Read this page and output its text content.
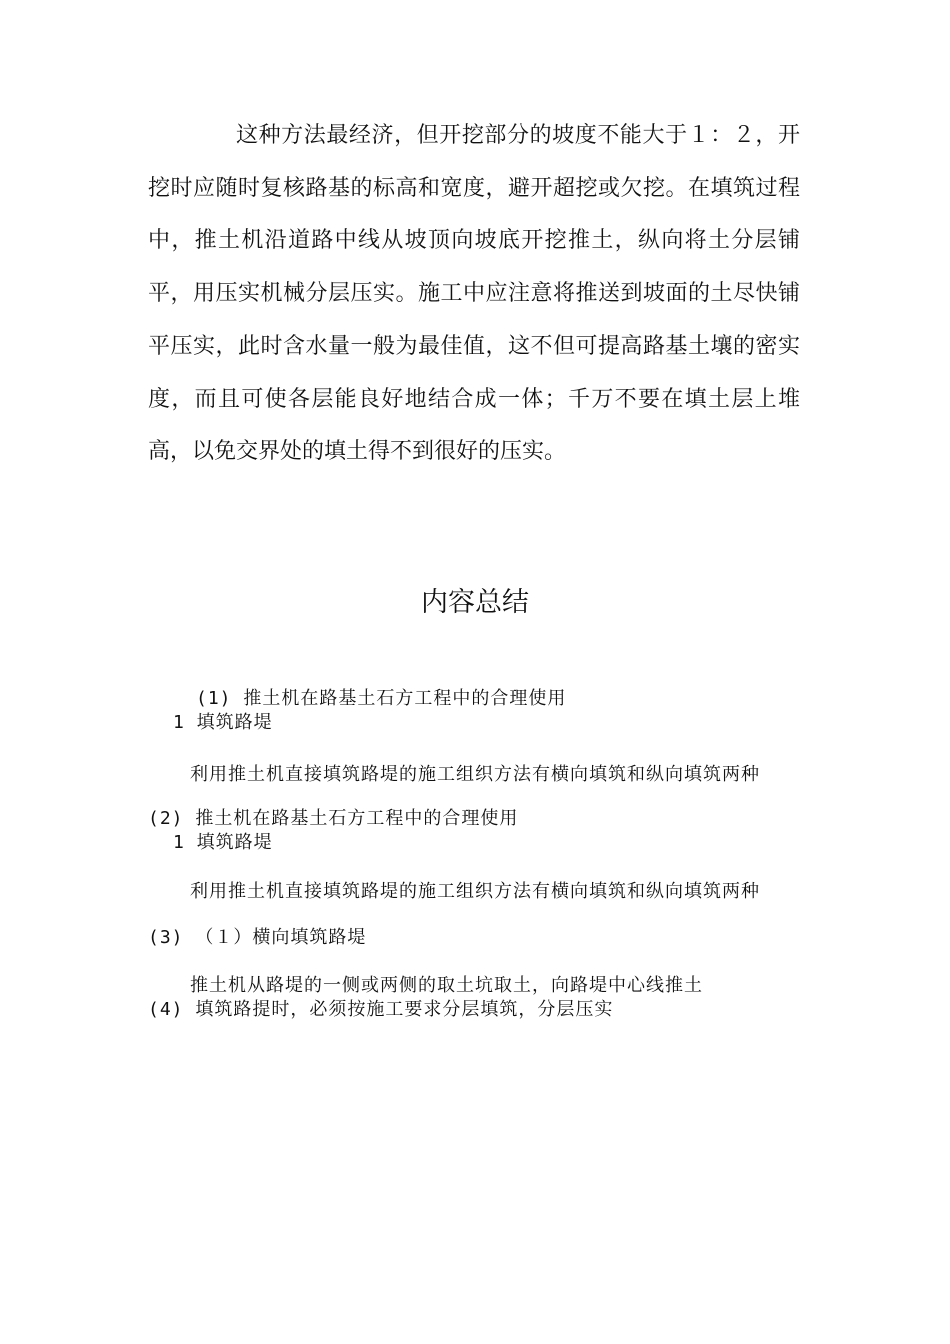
这种方法最经济，但开挖部分的坡度不能大于１：２，开挖时应随时复核路基的标高和宽度，避开超挖或欠挖。在填筑过程中，推土机沿道路中线从坡顶向坡底开挖推土，纵向将土分层铺平，用压实机械分层压实。施工中应注意将推送到坡面的土尽快铺平压实，此时含水量一般为最佳值，这不但可提高路基土壤的密实度，而且可使各层能良好地结合成一体；千万不要在填土层上堆高，以免交界处的填土得不到很好的压实。

内容总结

(1) 推土机在路基土石方工程中的合理使用

1 填筑路堤

利用推土机直接填筑路堤的施工组织方法有横向填筑和纵向填筑两种

(2) 推土机在路基土石方工程中的合理使用

1 填筑路堤

利用推土机直接填筑路堤的施工组织方法有横向填筑和纵向填筑两种

(3) （１）横向填筑路堤

推土机从路堤的一侧或两侧的取土坑取土，向路堤中心线推土

(4) 填筑路提时，必须按施工要求分层填筑，分层压实
